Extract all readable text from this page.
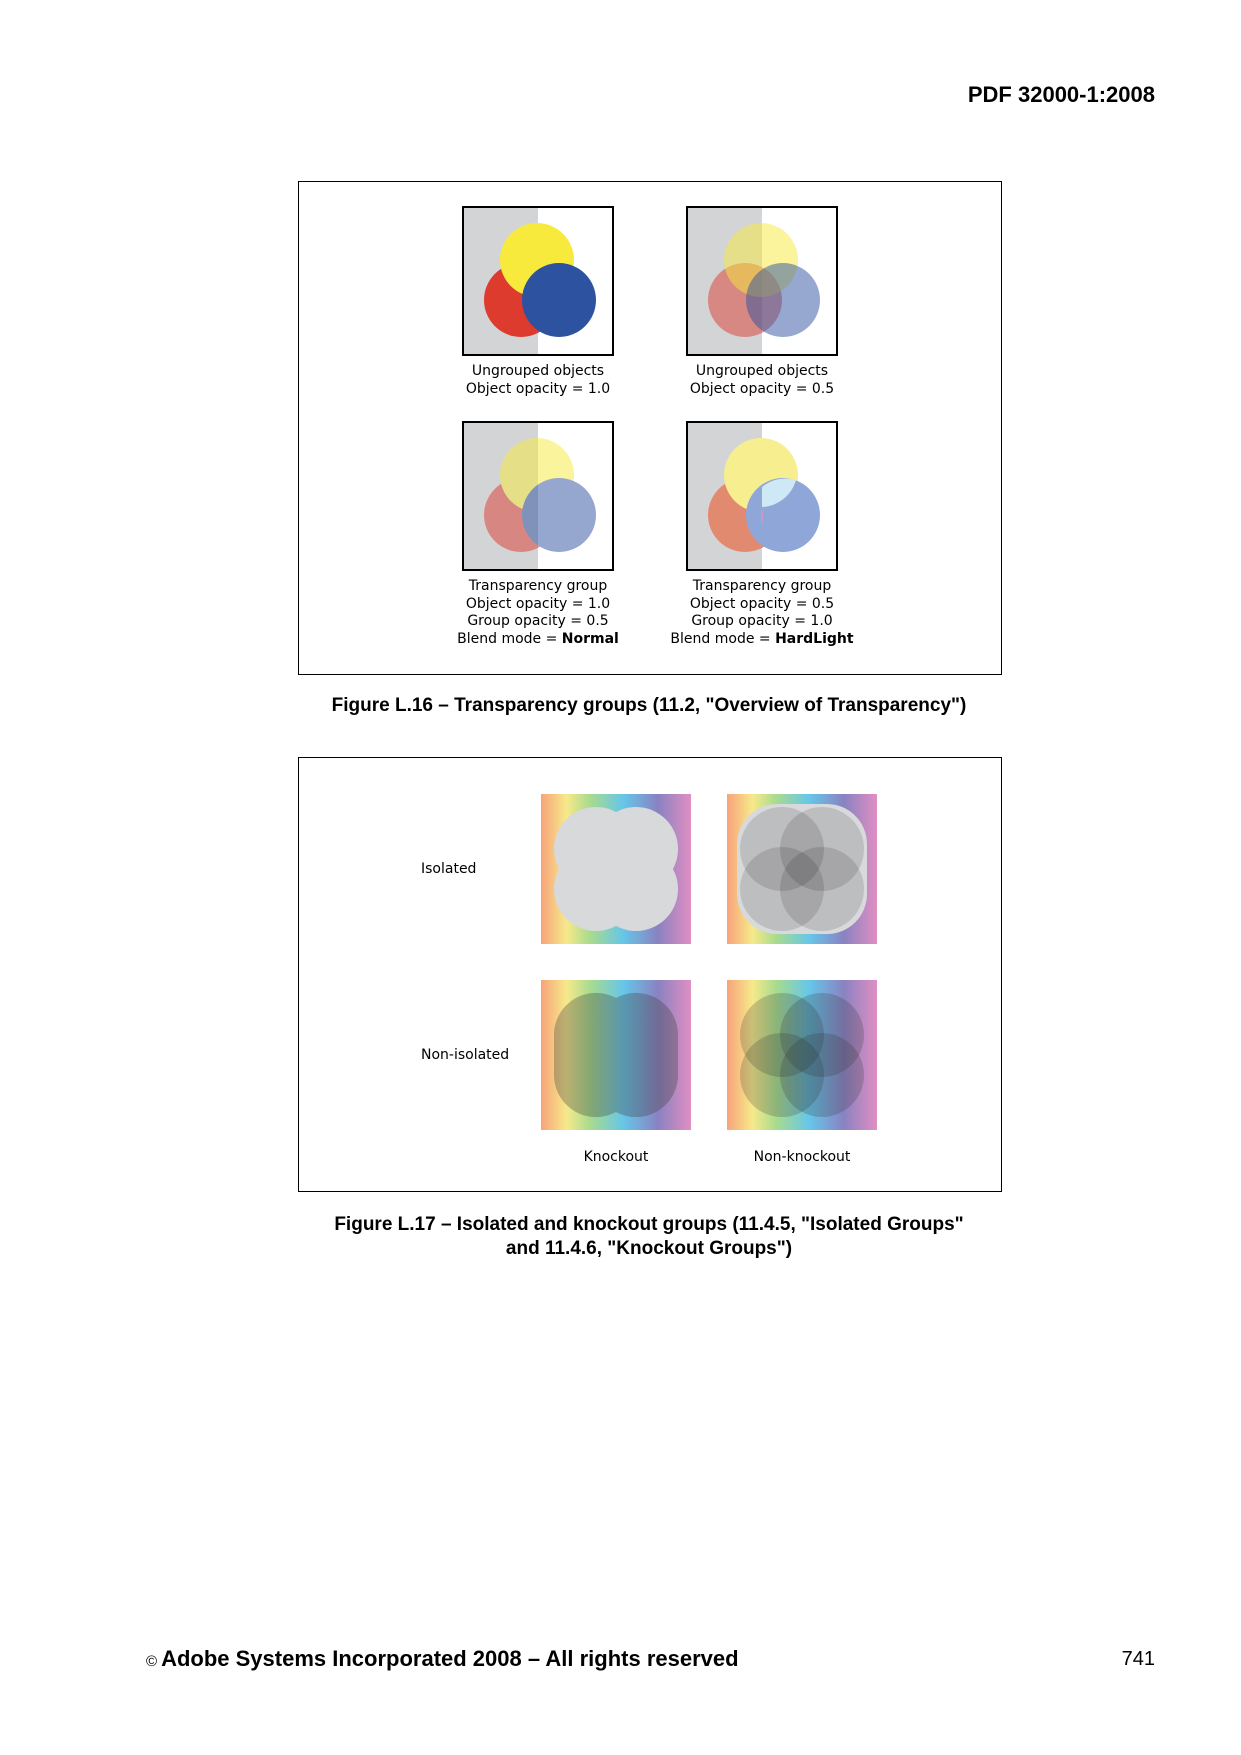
PDF 32000-1:2008
Ungrouped objects
Object opacity = 1.0
Ungrouped objects
Object opacity = 0.5
Transparency group
Object opacity = 1.0
Group opacity = 0.5
Blend mode = Normal
Transparency group
Object opacity = 0.5
Group opacity = 1.0
Blend mode = HardLight
Figure L.16 – Transparency groups (11.2, "Overview of Transparency")
Isolated
Non-isolated
Knockout	Non-knockout
Figure L.17 – Isolated and knockout groups (11.4.5, "Isolated Groups"
and 11.4.6, "Knockout Groups")
© Adobe Systems Incorporated 2008 – All rights reserved	741
